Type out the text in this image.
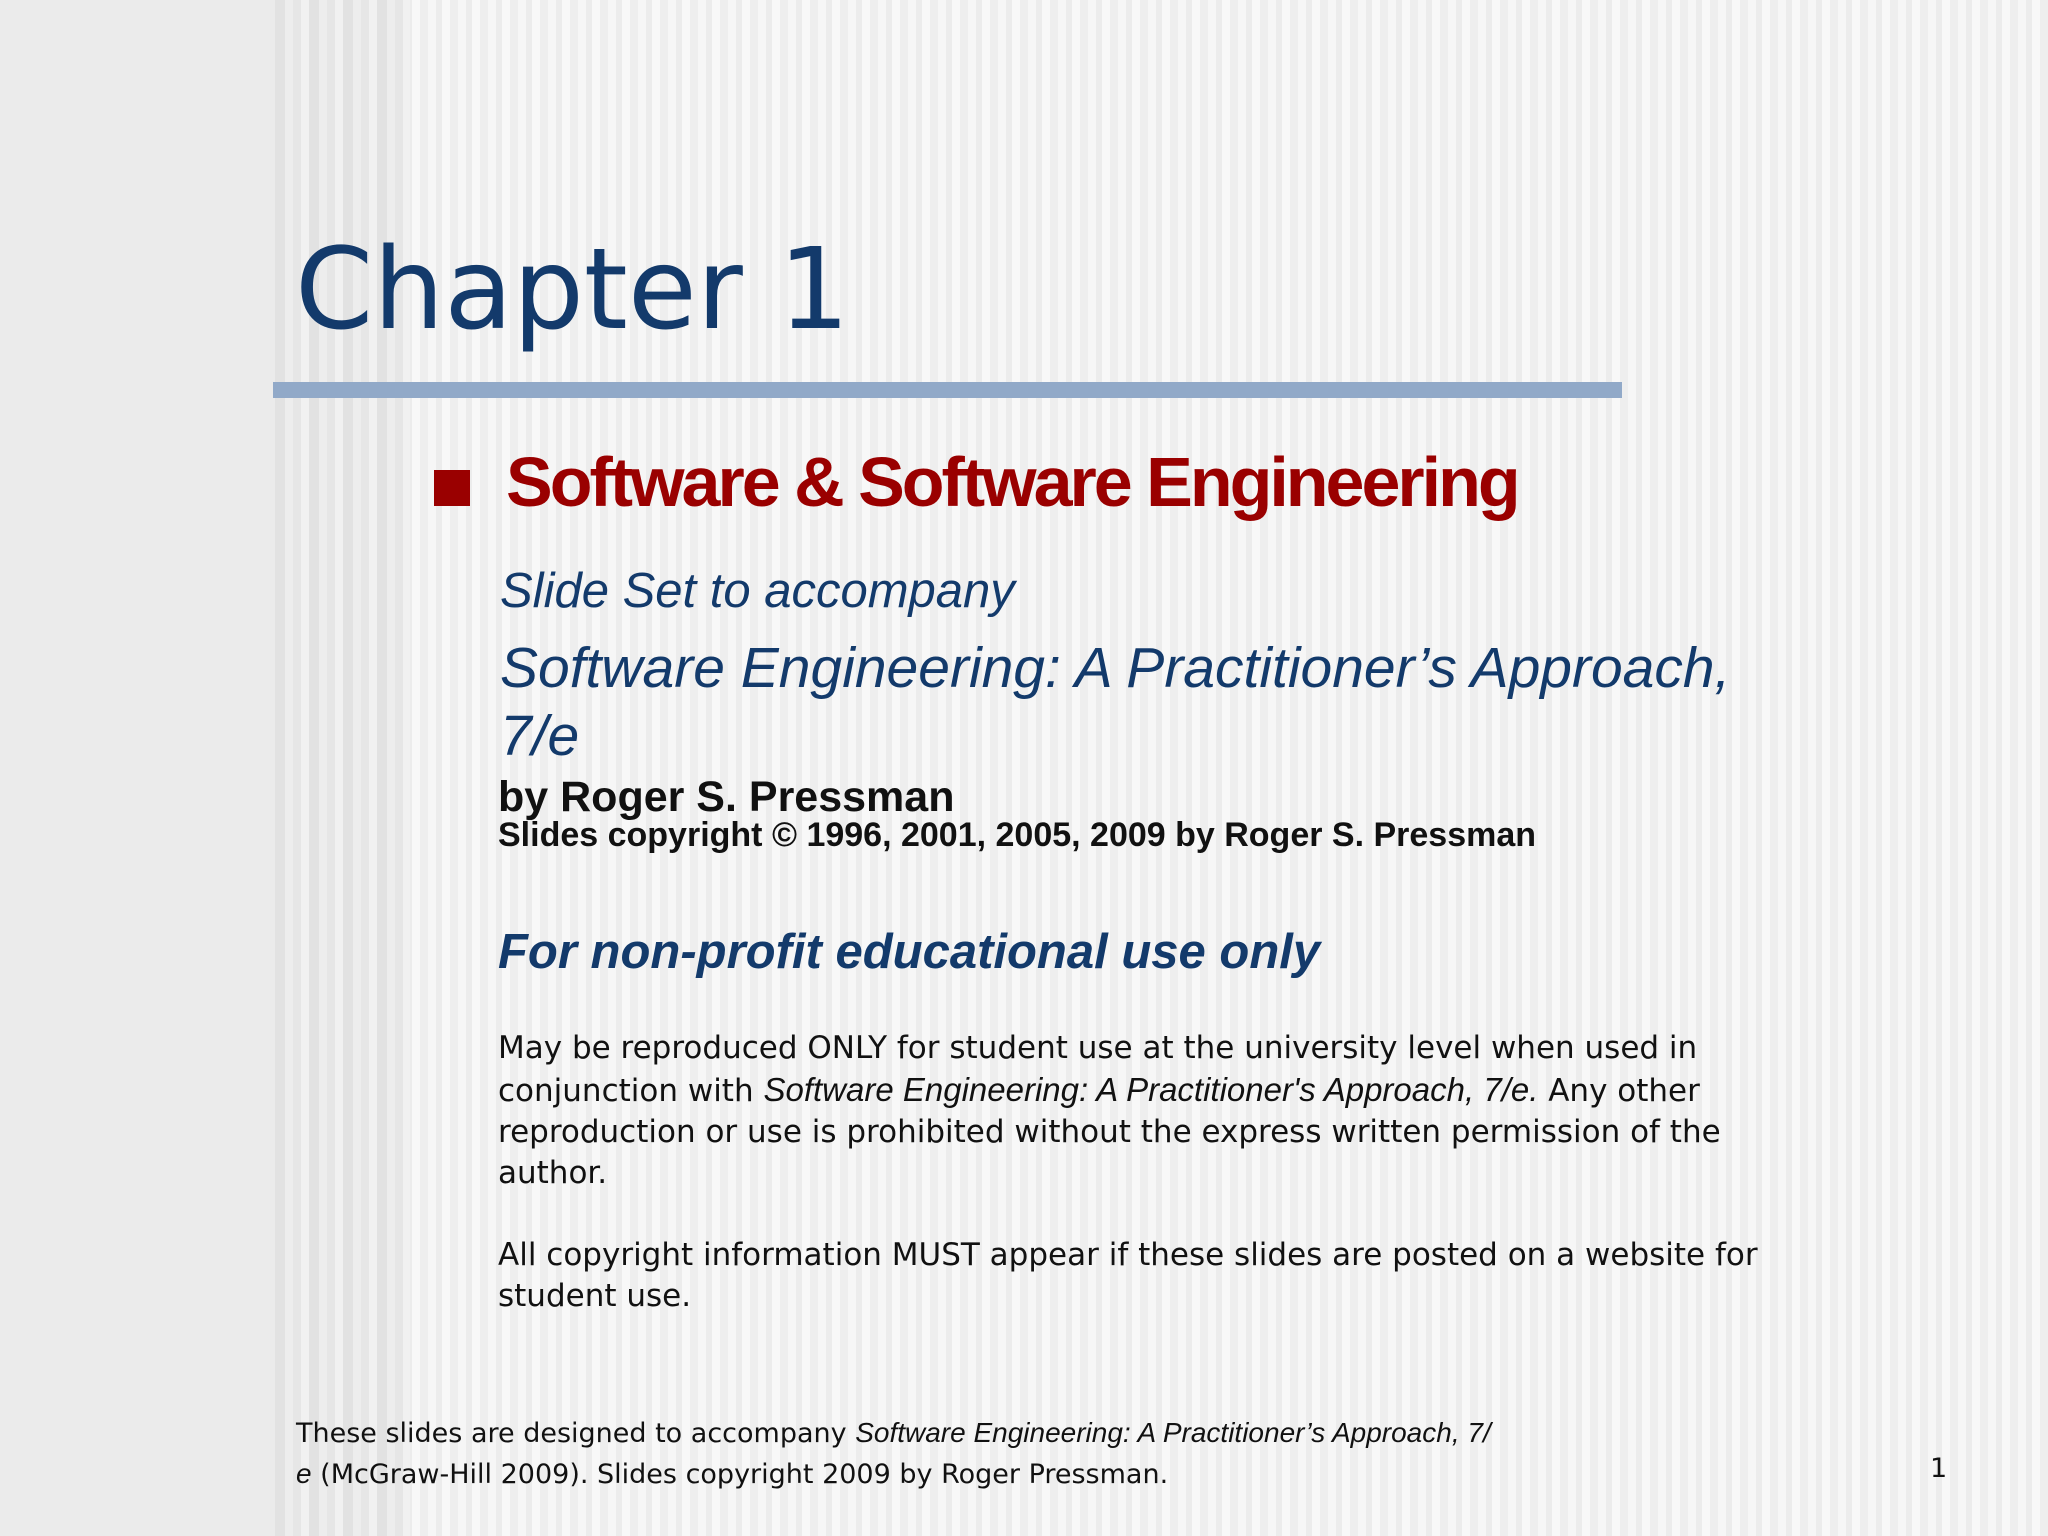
Chapter 1
Software & Software Engineering
Slide Set to accompany
Software Engineering: A Practitioner’s Approach, 7/e
by Roger S. Pressman
Slides copyright © 1996, 2001, 2005, 2009 by Roger S. Pressman
For non-profit educational use only

May be reproduced ONLY for student use at the university level when used in conjunction with Software Engineering: A Practitioner's Approach, 7/e. Any other reproduction or use is prohibited without the express written permission of the author.

All copyright information MUST appear if these slides are posted on a website for student use.

These slides are designed to accompany Software Engineering: A Practitioner’s Approach, 7/ e (McGraw-Hill 2009). Slides copyright 2009 by Roger Pressman.	1
